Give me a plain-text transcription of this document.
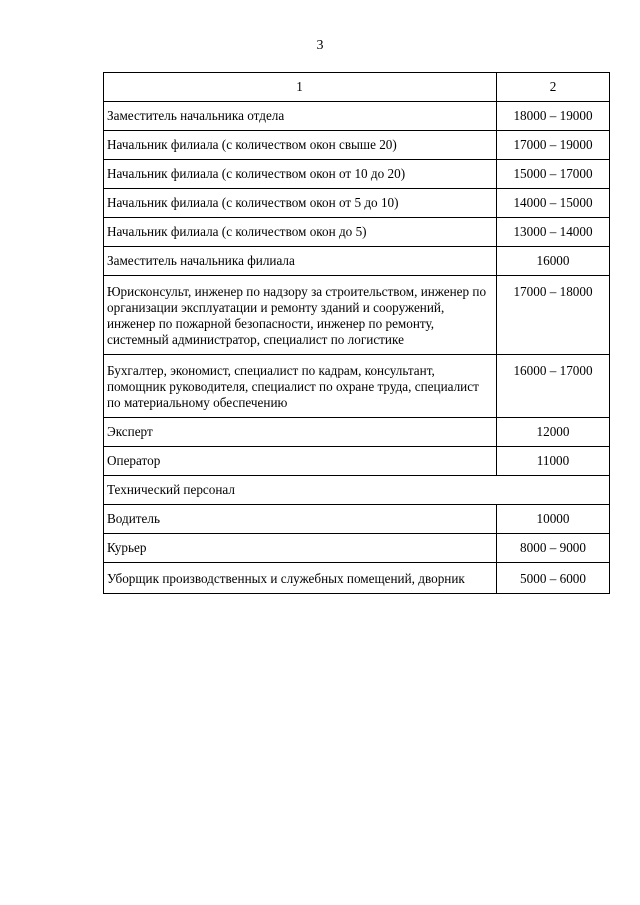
3
1	2
Заместитель начальника отдела	18000 – 19000
Начальник филиала (с количеством окон свыше 20)	17000 – 19000
Начальник филиала (с количеством окон от 10 до 20)	15000 – 17000
Начальник филиала (с количеством окон от 5 до 10)	14000 – 15000
Начальник филиала (с количеством окон до 5)	13000 – 14000
Заместитель начальника филиала	16000
Юрисконсульт, инженер по надзору за строительством, инженер по организации эксплуатации и ремонту зданий и сооружений, инженер по пожарной безопасности, инженер по ремонту, системный администратор, специалист по логистике	17000 – 18000
Бухгалтер, экономист, специалист по кадрам, консультант, помощник руководителя, специалист по охране труда, специалист по материальному обеспечению	16000 – 17000
Эксперт	12000
Оператор	11000
Технический персонал	
Водитель	10000
Курьер	8000 – 9000
Уборщик производственных и служебных помещений, дворник	5000 – 6000
